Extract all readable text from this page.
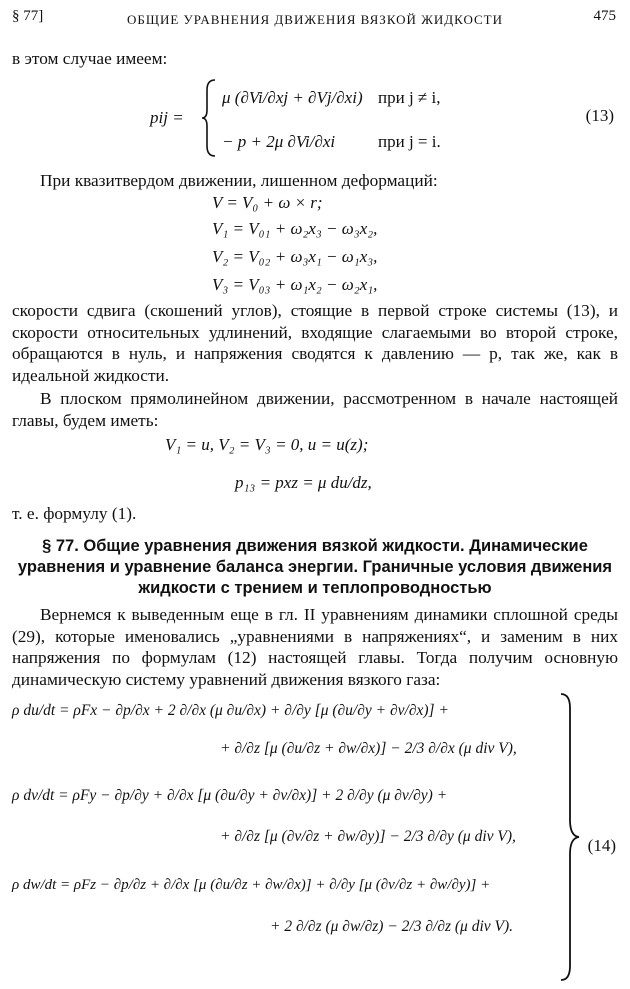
§ 77]	ОБЩИЕ УРАВНЕНИЯ ДВИЖЕНИЯ ВЯЗКОЙ ЖИДКОСТИ	475
в этом случае имеем:
pij =
μ (∂Vi/∂xj + ∂Vj/∂xi) при j ≠ i,
− p + 2μ ∂Vi/∂xi	при j = i.
(13)
При квазитвердом движении, лишенном деформаций:
V = V₀ + ω × r;
V₁ = V₀₁ + ω₂x₃ − ω₃x₂,
V₂ = V₀₂ + ω₃x₁ − ω₁x₃,
V₃ = V₀₃ + ω₁x₂ − ω₂x₁,
скорости сдвига (скошений углов), стоящие в первой строке системы (13), и скорости относительных удлинений, входящие слагаемыми во второй строке, обращаются в нуль, и напряжения сводятся к давлению — p, так же, как в идеальной жидкости.
В плоском прямолинейном движении, рассмотренном в начале настоящей главы, будем иметь:
V₁ = u, V₂ = V₃ = 0, u = u(z);
p₁₃ = pxz = μ du/dz,
т. е. формулу (1).
§ 77. Общие уравнения движения вязкой жидкости. Динамические уравнения и уравнение баланса энергии. Граничные условия движения жидкости с трением и теплопроводностью
Вернемся к выведенным еще в гл. II уравнениям динамики сплошной среды (29), которые именовались „уравнениями в напряжениях“, и заменим в них напряжения по формулам (12) настоящей главы. Тогда получим основную динамическую систему уравнений движения вязкого газа:
ρ du/dt = ρFx − ∂p/∂x + 2 ∂/∂x (μ ∂u/∂x) + ∂/∂y [μ (∂u/∂y + ∂v/∂x)] +
+ ∂/∂z [μ (∂u/∂z + ∂w/∂x)] − 2/3 ∂/∂x (μ div V),
ρ dv/dt = ρFy − ∂p/∂y + ∂/∂x [μ (∂u/∂y + ∂v/∂x)] + 2 ∂/∂y (μ ∂v/∂y) +
+ ∂/∂z [μ (∂v/∂z + ∂w/∂y)] − 2/3 ∂/∂y (μ div V),
ρ dw/dt = ρFz − ∂p/∂z + ∂/∂x [μ (∂u/∂z + ∂w/∂x)] + ∂/∂y [μ (∂v/∂z + ∂w/∂y)] +
+ 2 ∂/∂z (μ ∂w/∂z) − 2/3 ∂/∂z (μ div V).
(14)
